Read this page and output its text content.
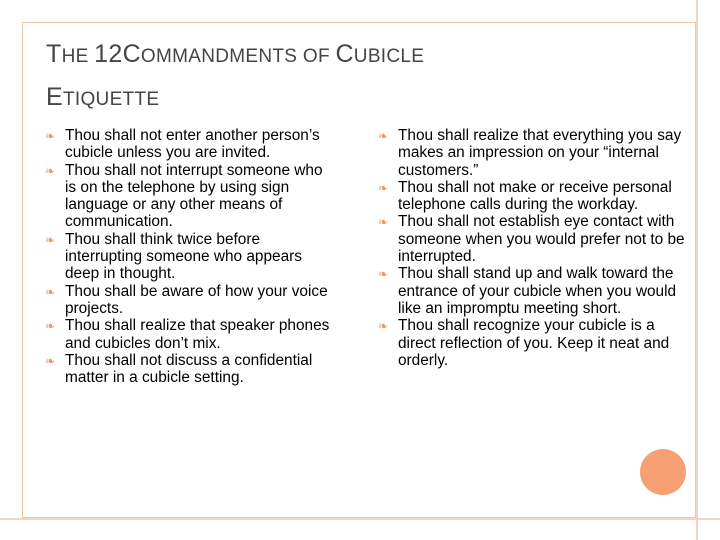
THE 12COMMANDMENTS OF CUBICLE
ETIQUETTE
❧ Thou shall not enter another person’s cubicle unless you are invited.
❧ Thou shall not interrupt someone who is on the telephone by using sign language or any other means of communication.
❧ Thou shall think twice before interrupting someone who appears deep in thought.
❧ Thou shall be aware of how your voice projects.
❧ Thou shall realize that speaker phones and cubicles don’t mix.
❧ Thou shall not discuss a confidential matter in a cubicle setting.
❧ Thou shall realize that everything you say makes an impression on your “internal customers.”
❧ Thou shall not make or receive personal telephone calls during the workday.
❧ Thou shall not establish eye contact with someone when you would prefer not to be interrupted.
❧ Thou shall stand up and walk toward the entrance of your cubicle when you would like an impromptu meeting short.
❧ Thou shall recognize your cubicle is a direct reflection of you. Keep it neat and orderly.
